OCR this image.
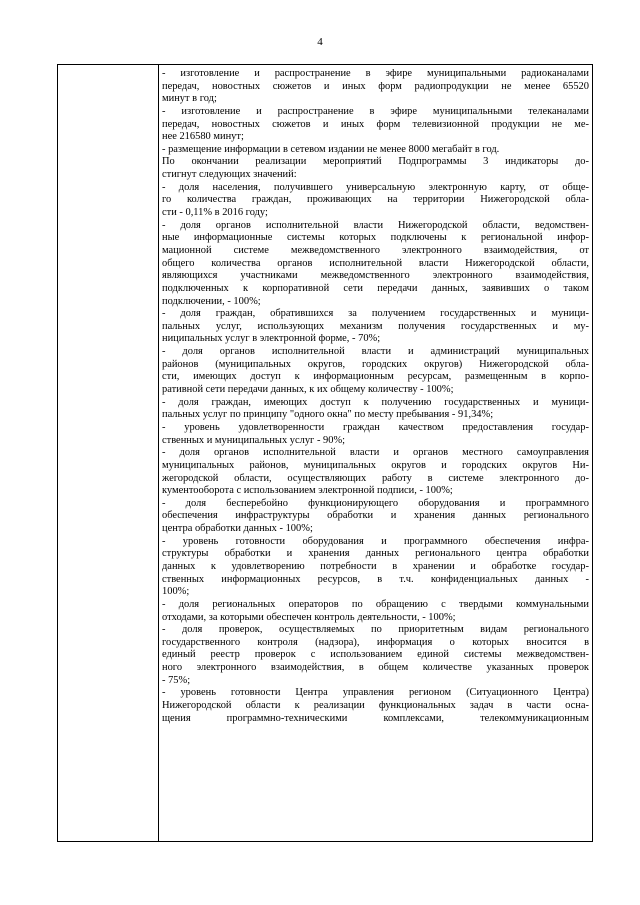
4
- изготовление и распространение в эфире муниципальными радиоканалами
передач, новостных сюжетов и иных форм радиопродукции не менее 65520
минут в год;
- изготовление и распространение в эфире муниципальными телеканалами
передач, новостных сюжетов и иных форм телевизионной продукции не ме-
нее 216580 минут;
- размещение информации в сетевом издании не менее 8000 мегабайт в год.
По окончании реализации мероприятий Подпрограммы 3 индикаторы до-
стигнут следующих значений:
- доля населения, получившего универсальную электронную карту, от обще-
го количества граждан, проживающих на территории Нижегородской обла-
сти - 0,11% в 2016 году;
- доля органов исполнительной власти Нижегородской области, ведомствен-
ные информационные системы которых подключены к региональной инфор-
мационной системе межведомственного электронного взаимодействия, от
общего количества органов исполнительной власти Нижегородской области,
являющихся участниками межведомственного электронного взаимодействия,
подключенных к корпоративной сети передачи данных, заявивших о таком
подключении, - 100%;
- доля граждан, обратившихся за получением государственных и муници-
пальных услуг, использующих механизм получения государственных и му-
ниципальных услуг в электронной форме, - 70%;
- доля органов исполнительной власти и администраций муниципальных
районов (муниципальных округов, городских округов) Нижегородской обла-
сти, имеющих доступ к информационным ресурсам, размещенным в корпо-
ративной сети передачи данных, к их общему количеству - 100%;
- доля граждан, имеющих доступ к получению государственных и муници-
пальных услуг по принципу "одного окна" по месту пребывания - 91,34%;
- уровень удовлетворенности граждан качеством предоставления государ-
ственных и муниципальных услуг - 90%;
- доля органов исполнительной власти и органов местного самоуправления
муниципальных районов, муниципальных округов и городских округов Ни-
жегородской области, осуществляющих работу в системе электронного до-
кументооборота с использованием электронной подписи, - 100%;
- доля бесперебойно функционирующего оборудования и программного
обеспечения инфраструктуры обработки и хранения данных регионального
центра обработки данных - 100%;
- уровень готовности оборудования и программного обеспечения инфра-
структуры обработки и хранения данных регионального центра обработки
данных к удовлетворению потребности в хранении и обработке государ-
ственных информационных ресурсов, в т.ч. конфиденциальных данных -
100%;
- доля региональных операторов по обращению с твердыми коммунальными
отходами, за которыми обеспечен контроль деятельности, - 100%;
- доля проверок, осуществляемых по приоритетным видам регионального
государственного контроля (надзора), информация о которых вносится в
единый реестр проверок с использованием единой системы межведомствен-
ного электронного взаимодействия, в общем количестве указанных проверок
- 75%;
- уровень готовности Центра управления регионом (Ситуационного Центра)
Нижегородской области к реализации функциональных задач в части осна-
щения программно-техническими комплексами, телекоммуникационным
